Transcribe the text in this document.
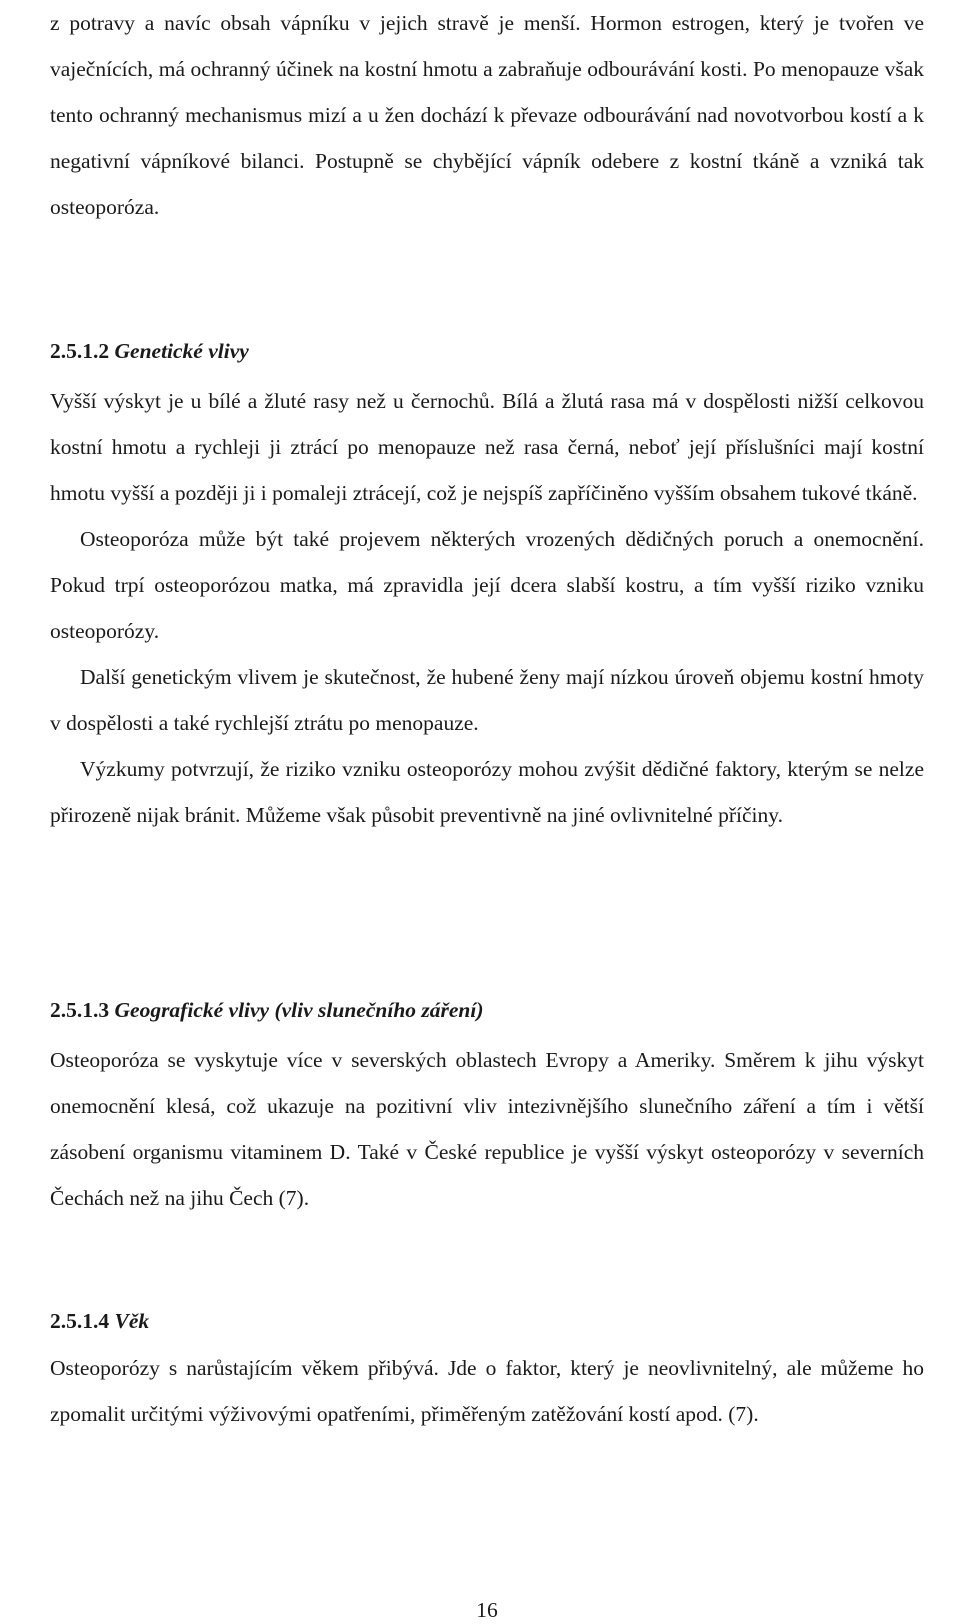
z potravy a navíc obsah vápníku v jejich stravě je menší. Hormon estrogen, který je tvořen ve vaječnících, má ochranný účinek na kostní hmotu a zabraňuje odbourávání kosti. Po menopauze však tento ochranný mechanismus mizí a u žen dochází k převaze odbourávání nad novotvorbou kostí a k negativní vápníkové bilanci. Postupně se chybějící vápník odebere z kostní tkáně a vzniká tak osteoporóza.

2.5.1.2 Genetické vlivy

Vyšší výskyt je u bílé a žluté rasy než u černochů. Bílá a žlutá rasa má v dospělosti nižší celkovou kostní hmotu a rychleji ji ztrácí po menopauze než rasa černá, neboť její příslušníci mají kostní hmotu vyšší a později ji i pomaleji ztrácejí, což je nejspíš zapříčiněno vyšším obsahem tukové tkáně.

Osteoporóza může být také projevem některých vrozených dědičných poruch a onemocnění. Pokud trpí osteoporózou matka, má zpravidla její dcera slabší kostru, a tím vyšší riziko vzniku osteoporózy.

Další genetickým vlivem je skutečnost, že hubené ženy mají nízkou úroveň objemu kostní hmoty v dospělosti a také rychlejší ztrátu po menopauze.

Výzkumy potvrzují, že riziko vzniku osteoporózy mohou zvýšit dědičné faktory, kterým se nelze přirozeně nijak bránit. Můžeme však působit preventivně na jiné ovlivnitelné příčiny.

2.5.1.3 Geografické vlivy (vliv slunečního záření)

Osteoporóza se vyskytuje více v severských oblastech Evropy a Ameriky. Směrem k jihu výskyt onemocnění klesá, což ukazuje na pozitivní vliv intezivnějšího slunečního záření a tím i větší zásobení organismu vitaminem D. Také v České republice je vyšší výskyt osteoporózy v severních Čechách než na jihu Čech (7).

2.5.1.4 Věk

Osteoporózy s narůstajícím věkem přibývá. Jde o faktor, který je neovlivnitelný, ale můžeme ho zpomalit určitými výživovými opatřeními, přiměřeným zatěžování kostí apod. (7).

16
